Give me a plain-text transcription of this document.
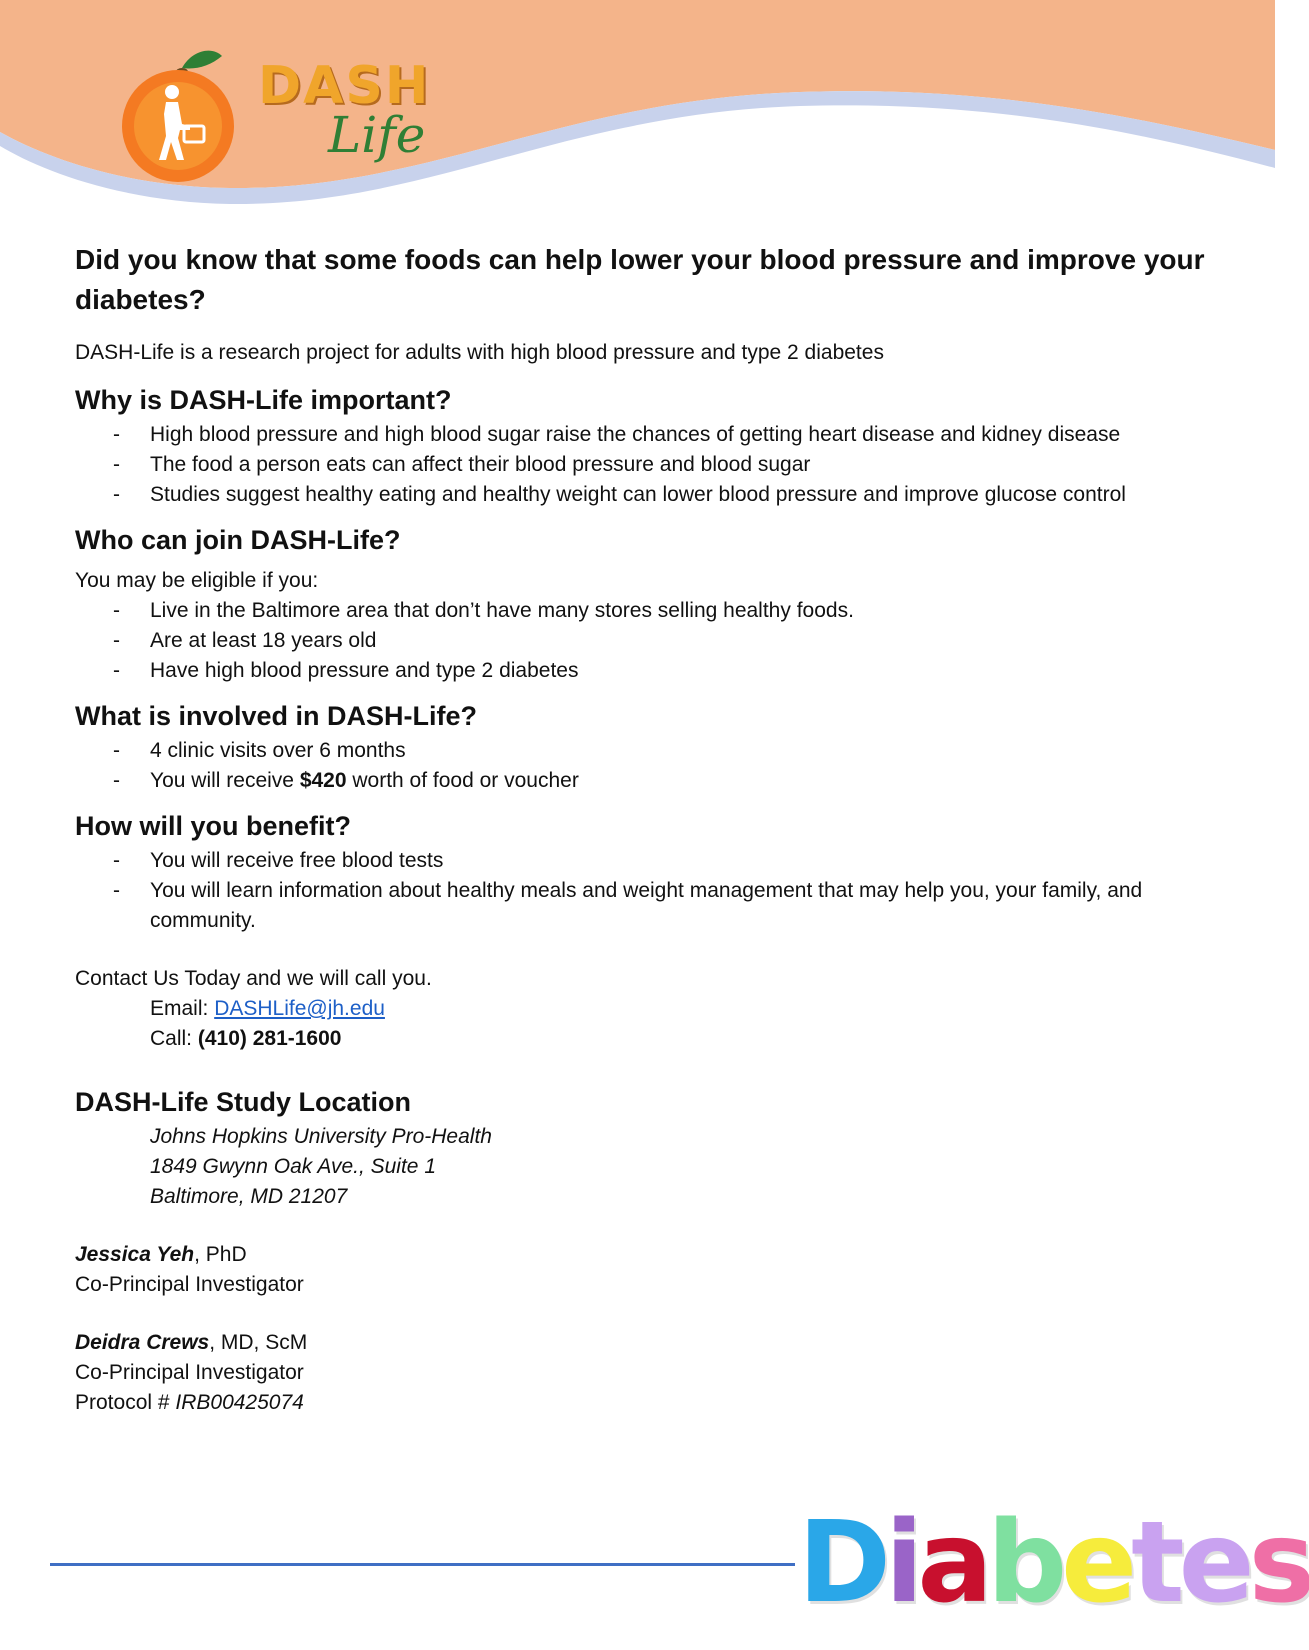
DASH
Life
Did you know that some foods can help lower your blood pressure and improve your diabetes?

DASH-Life is a research project for adults with high blood pressure and type 2 diabetes

Why is DASH-Life important?
- High blood pressure and high blood sugar raise the chances of getting heart disease and kidney disease
- The food a person eats can affect their blood pressure and blood sugar
- Studies suggest healthy eating and healthy weight can lower blood pressure and improve glucose control
Who can join DASH-Life?

You may be eligible if you:

- Live in the Baltimore area that don’t have many stores selling healthy foods.
- Are at least 18 years old
- Have high blood pressure and type 2 diabetes
What is involved in DASH-Life?
- 4 clinic visits over 6 months
- You will receive $420 worth of food or voucher
How will you benefit?
- You will receive free blood tests
- You will learn information about healthy meals and weight management that may help you, your family, and community.

Contact Us Today and we will call you.

Email: DASHLife@jh.edu

Call: (410) 281-1600

DASH-Life Study Location

Johns Hopkins University Pro-Health

1849 Gwynn Oak Ave., Suite 1

Baltimore, MD 21207

Jessica Yeh, PhD

Co-Principal Investigator

Deidra Crews, MD, ScM

Co-Principal Investigator

Protocol # IRB00425074

Diabetes
